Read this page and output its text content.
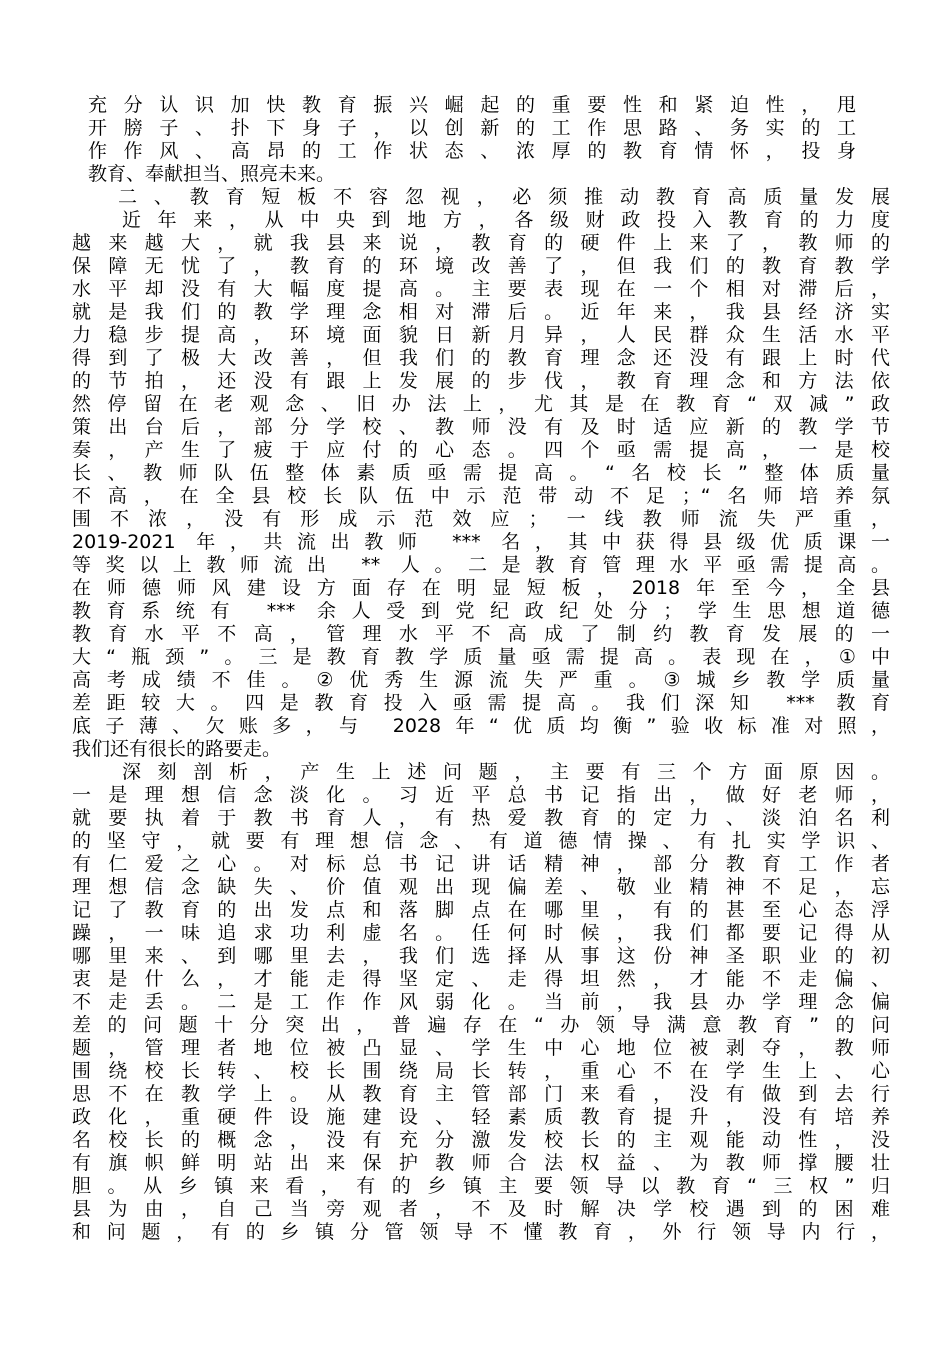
充分认识加快教育振兴崛起的重要性和紧迫性，甩
开膀子、扑下身子，以创新的工作思路、务实的工
作作风、高昂的工作状态、浓厚的教育情怀，投身
教育、奉献担当、照亮未来。
二、教育短板不容忽视，必须推动教育高质量发展
近年来，从中央到地方，各级财政投入教育的力度
越来越大，就我县来说，教育的硬件上来了，教师的
保障无忧了，教育的环境改善了，但我们的教育教学
水平却没有大幅度提高。主要表现在一个相对滞后，
就是我们的教学理念相对滞后。近年来，我县经济实
力稳步提高，环境面貌日新月异，人民群众生活水平
得到了极大改善，但我们的教育理念还没有跟上时代
的节拍，还没有跟上发展的步伐，教育理念和方法依
然停留在老观念、旧办法上，尤其是在教育“双减”政
策出台后，部分学校、教师没有及时适应新的教学节
奏，产生了疲于应付的心态。四个亟需提高，一是校
长、教师队伍整体素质亟需提高。“名校长”整体质量
不高，在全县校长队伍中示范带动不足；“名师培养氛
围不浓，没有形成示范效应；一线教师流失严重，
2019-2021 年，共流出教师 *** 名，其中获得县级优质课一
等奖以上教师流出 ** 人。二是教育管理水平亟需提高。
在师德师风建设方面存在明显短板，2018年至今，全县
教育系统有 *** 余人受到党纪政纪处分；学生思想道德
教育水平不高，管理水平不高成了制约教育发展的一
大“瓶颈”。三是教育教学质量亟需提高。表现在，①中
高考成绩不佳。②优秀生源流失严重。③城乡教学质量
差距较大。四是教育投入亟需提高。我们深知 *** 教育
底子薄、欠账多，与 2028年“优质均衡”验收标准对照，
我们还有很长的路要走。
深刻剖析，产生上述问题，主要有三个方面原因。
一是理想信念淡化。习近平总书记指出，做好老师，
就要执着于教书育人，有热爱教育的定力、淡泊名利
的坚守，就要有理想信念、有道德情操、有扎实学识、
有仁爱之心。对标总书记讲话精神，部分教育工作者
理想信念缺失、价值观出现偏差、敬业精神不足，忘
记了教育的出发点和落脚点在哪里，有的甚至心态浮
躁，一味追求功利虚名。任何时候，我们都要记得从
哪里来、到哪里去，我们选择从事这份神圣职业的初
衷是什么，才能走得坚定、走得坦然，才能不走偏、
不走丢。二是工作作风弱化。当前，我县办学理念偏
差的问题十分突出，普遍存在“办领导满意教育”的问
题，管理者地位被凸显、学生中心地位被剥夺，教师
围绕校长转、校长围绕局长转，重心不在学生上、心
思不在教学上。从教育主管部门来看，没有做到去行
政化，重硬件设施建设、轻素质教育提升，没有培养
名校长的概念，没有充分激发校长的主观能动性，没
有旗帜鲜明站出来保护教师合法权益、为教师撑腰壮
胆。从乡镇来看，有的乡镇主要领导以教育“三权”归
县为由，自己当旁观者，不及时解决学校遇到的困难
和问题，有的乡镇分管领导不懂教育，外行领导内行，
